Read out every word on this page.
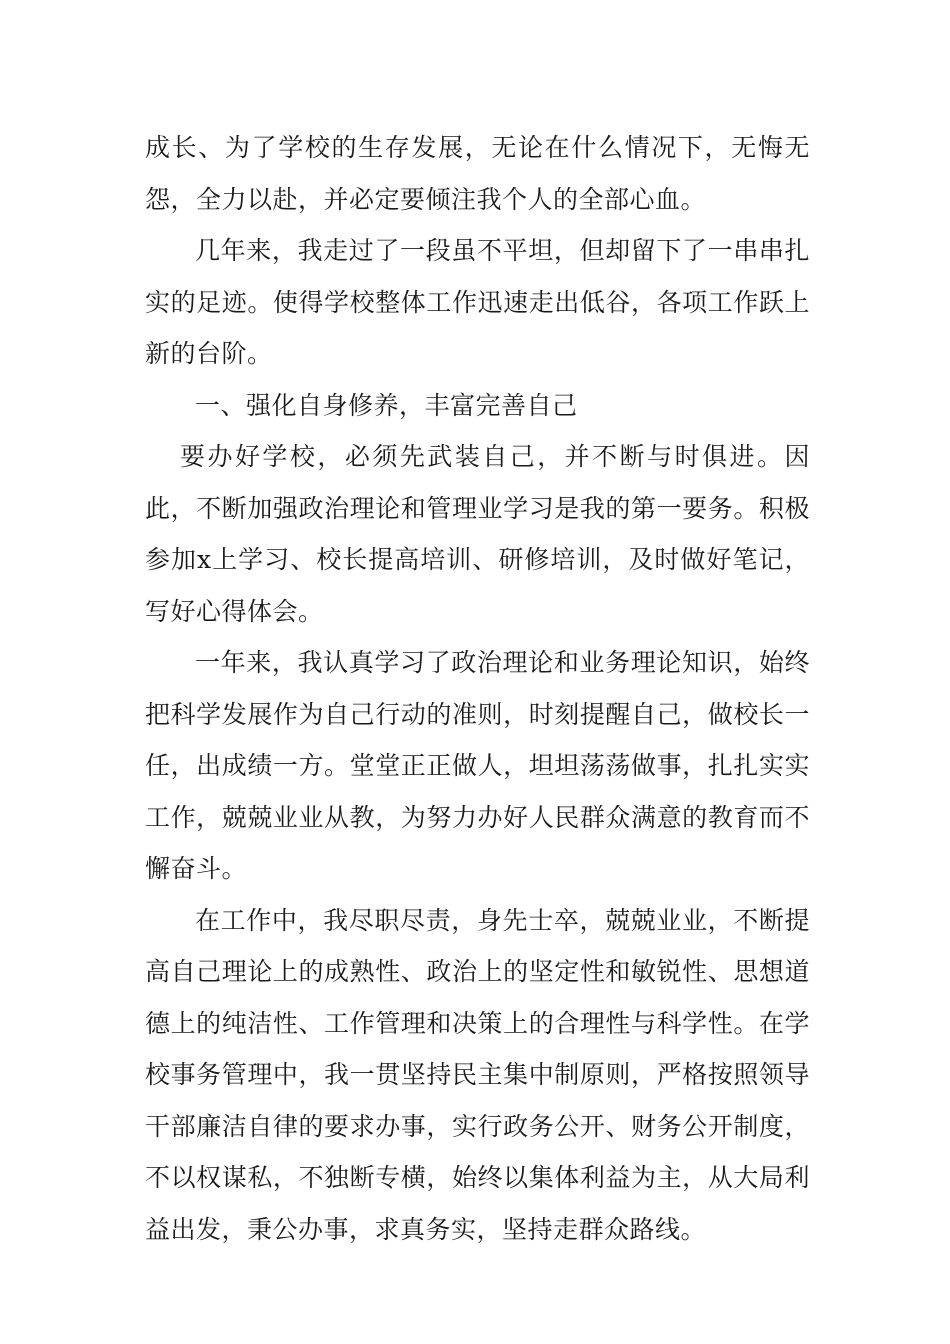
成长、为了学校的生存发展，无论在什么情况下，无悔无怨，全力以赴，并必定要倾注我个人的全部心血。

几年来，我走过了一段虽不平坦，但却留下了一串串扎实的足迹。使得学校整体工作迅速走出低谷，各项工作跃上新的台阶。

一、强化自身修养，丰富完善自己

要办好学校，必须先武装自己，并不断与时俱进。因此，不断加强政治理论和管理业学习是我的第一要务。积极参加x上学习、校长提高培训、研修培训，及时做好笔记，写好心得体会。

一年来，我认真学习了政治理论和业务理论知识，始终把科学发展作为自己行动的准则，时刻提醒自己，做校长一任，出成绩一方。堂堂正正做人，坦坦荡荡做事，扎扎实实工作，兢兢业业从教，为努力办好人民群众满意的教育而不懈奋斗。

在工作中，我尽职尽责，身先士卒，兢兢业业，不断提高自己理论上的成熟性、政治上的坚定性和敏锐性、思想道德上的纯洁性、工作管理和决策上的合理性与科学性。在学校事务管理中，我一贯坚持民主集中制原则，严格按照领导干部廉洁自律的要求办事，实行政务公开、财务公开制度，不以权谋私，不独断专横，始终以集体利益为主，从大局利益出发，秉公办事，求真务实，坚持走群众路线。
